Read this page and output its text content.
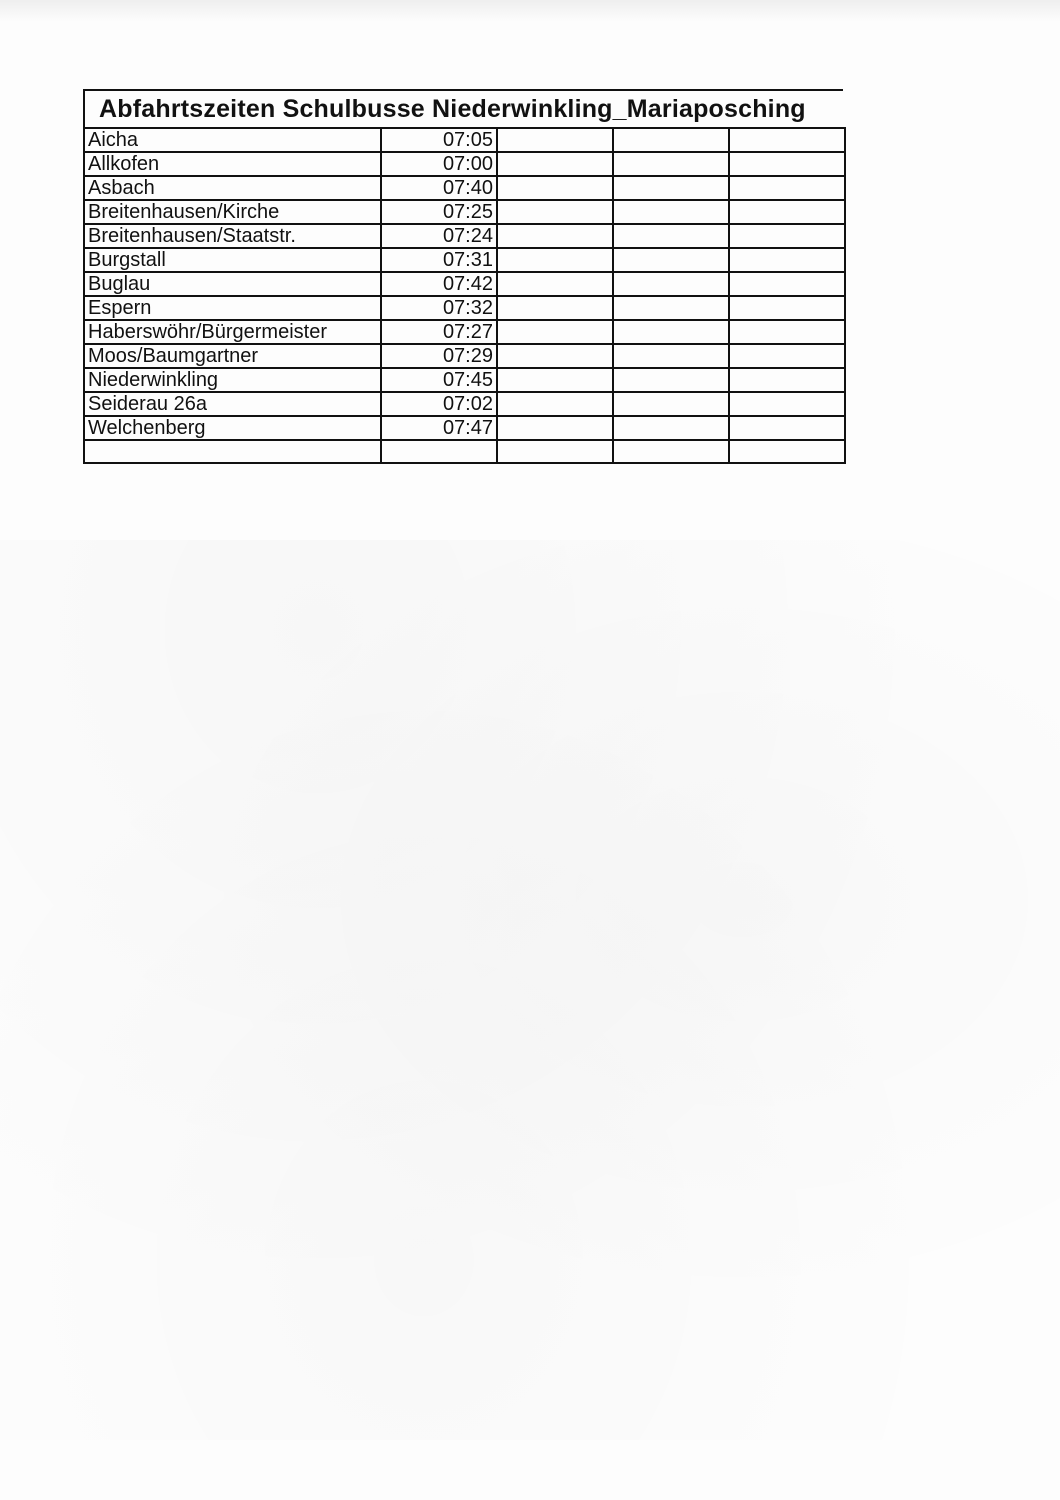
Abfahrtszeiten Schulbusse Niederwinkling_Mariaposching
Aicha	07:05			
Allkofen	07:00			
Asbach	07:40			
Breitenhausen/Kirche	07:25			
Breitenhausen/Staatstr.	07:24			
Burgstall	07:31			
Buglau	07:42			
Espern	07:32			
Haberswöhr/Bürgermeister	07:27			
Moos/Baumgartner	07:29			
Niederwinkling	07:45			
Seiderau 26a	07:02			
Welchenberg	07:47			
